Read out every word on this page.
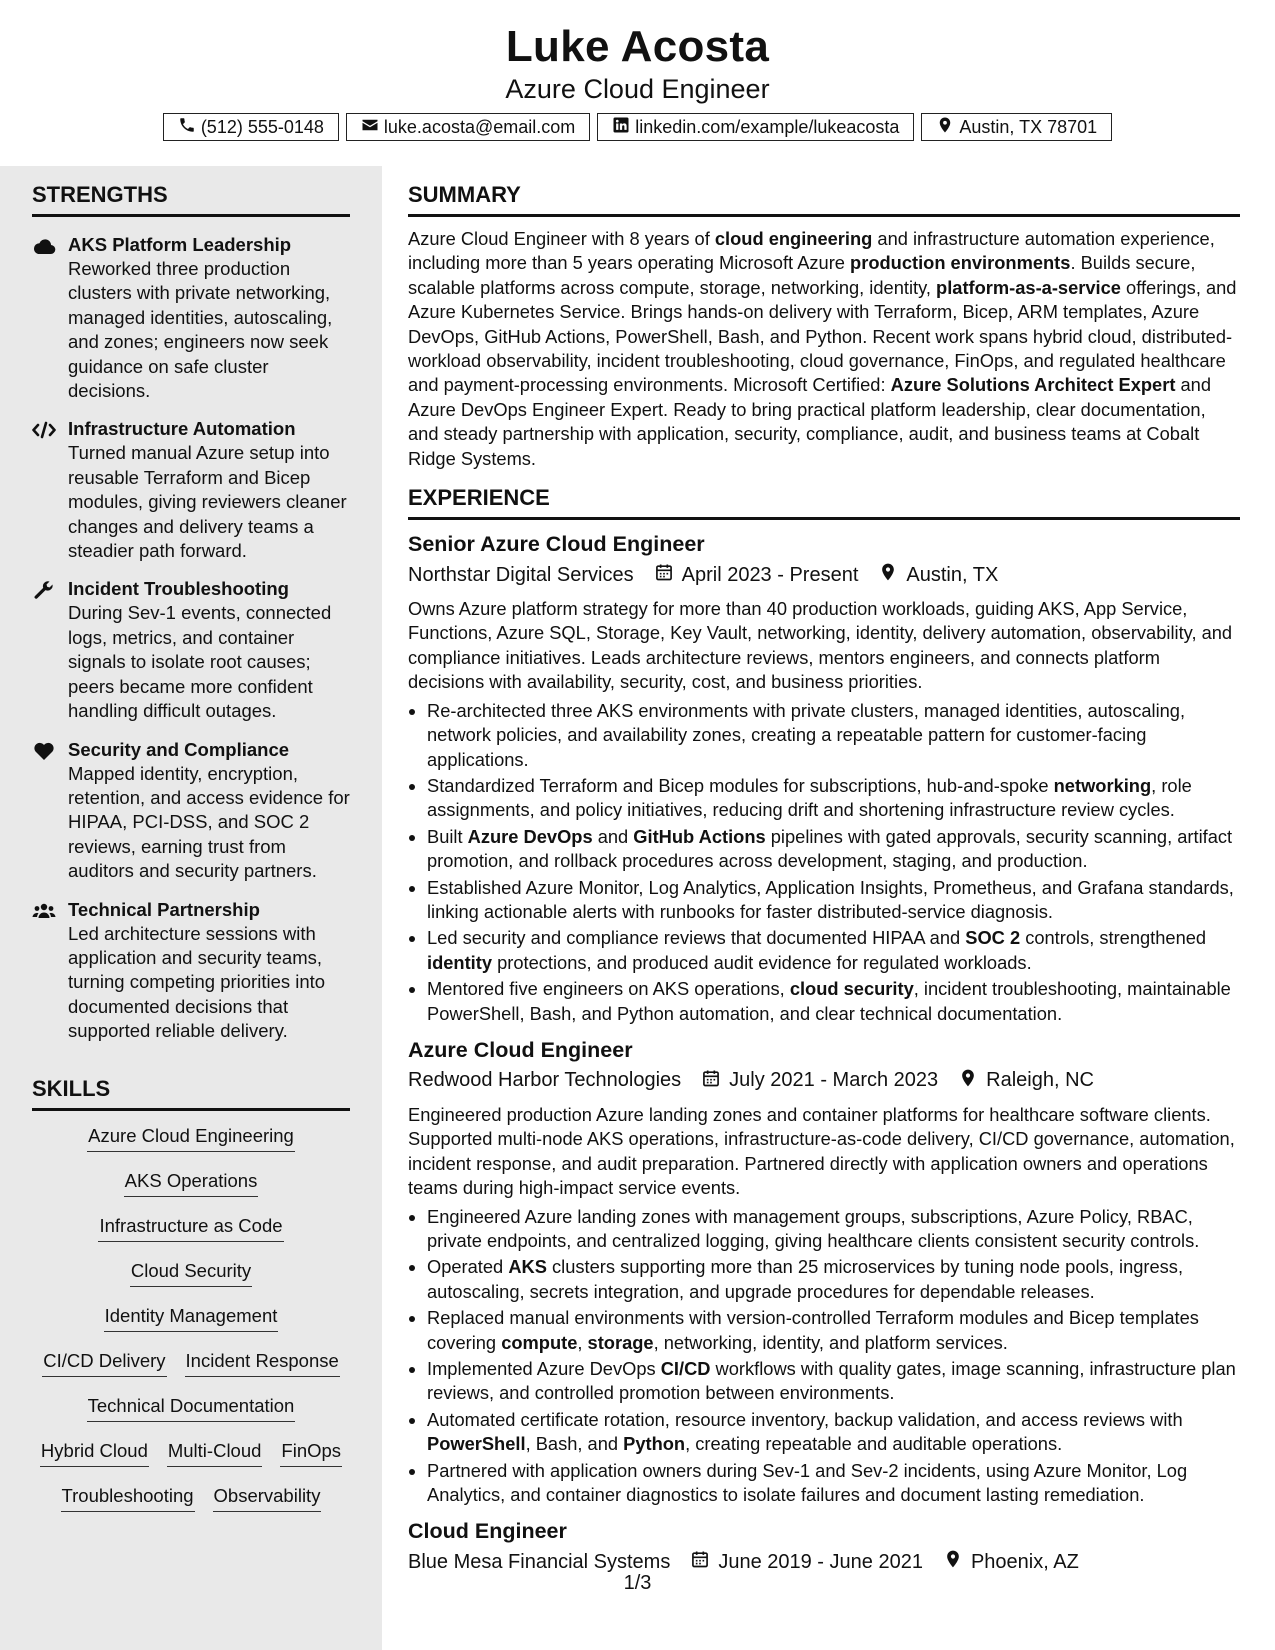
Luke Acosta
Azure Cloud Engineer
(512) 555-0148	luke.acosta@email.com	linkedin.com/example/lukeacosta	Austin, TX 78701
STRENGTHS
AKS Platform Leadership
Reworked three production clusters with private networking, managed identities, autoscaling, and zones; engineers now seek guidance on safe cluster decisions.
Infrastructure Automation
Turned manual Azure setup into reusable Terraform and Bicep modules, giving reviewers cleaner changes and delivery teams a steadier path forward.
Incident Troubleshooting
During Sev-1 events, connected logs, metrics, and container signals to isolate root causes; peers became more confident handling difficult outages.
Security and Compliance
Mapped identity, encryption, retention, and access evidence for HIPAA, PCI-DSS, and SOC 2 reviews, earning trust from auditors and security partners.
Technical Partnership
Led architecture sessions with application and security teams, turning competing priorities into documented decisions that supported reliable delivery.
SKILLS
Azure Cloud Engineering
AKS Operations
Infrastructure as Code
Cloud Security
Identity Management
CI/CD Delivery Incident Response
Technical Documentation
Hybrid Cloud Multi-Cloud FinOps
Troubleshooting Observability
SUMMARY

Azure Cloud Engineer with 8 years of cloud engineering and infrastructure automation experience, including more than 5 years operating Microsoft Azure production environments. Builds secure, scalable platforms across compute, storage, networking, identity, platform-as-a-service offerings, and Azure Kubernetes Service. Brings hands-on delivery with Terraform, Bicep, ARM templates, Azure DevOps, GitHub Actions, PowerShell, Bash, and Python. Recent work spans hybrid cloud, distributed-workload observability, incident troubleshooting, cloud governance, FinOps, and regulated healthcare and payment-processing environments. Microsoft Certified: Azure Solutions Architect Expert and Azure DevOps Engineer Expert. Ready to bring practical platform leadership, clear documentation, and steady partnership with application, security, compliance, audit, and business teams at Cobalt Ridge Systems.

EXPERIENCE
Senior Azure Cloud Engineer
Northstar Digital Services April 2023 - Present Austin, TX
Owns Azure platform strategy for more than 40 production workloads, guiding AKS, App Service, Functions, Azure SQL, Storage, Key Vault, networking, identity, delivery automation, observability, and compliance initiatives. Leads architecture reviews, mentors engineers, and connects platform decisions with availability, security, cost, and business priorities.
• Re-architected three AKS environments with private clusters, managed identities, autoscaling, network policies, and availability zones, creating a repeatable pattern for customer-facing applications.
• Standardized Terraform and Bicep modules for subscriptions, hub-and-spoke networking, role assignments, and policy initiatives, reducing drift and shortening infrastructure review cycles.
• Built Azure DevOps and GitHub Actions pipelines with gated approvals, security scanning, artifact promotion, and rollback procedures across development, staging, and production.
• Established Azure Monitor, Log Analytics, Application Insights, Prometheus, and Grafana standards, linking actionable alerts with runbooks for faster distributed-service diagnosis.
• Led security and compliance reviews that documented HIPAA and SOC 2 controls, strengthened identity protections, and produced audit evidence for regulated workloads.
• Mentored five engineers on AKS operations, cloud security, incident troubleshooting, maintainable PowerShell, Bash, and Python automation, and clear technical documentation.
Azure Cloud Engineer
Redwood Harbor Technologies July 2021 - March 2023 Raleigh, NC
Engineered production Azure landing zones and container platforms for healthcare software clients. Supported multi-node AKS operations, infrastructure-as-code delivery, CI/CD governance, automation, incident response, and audit preparation. Partnered directly with application owners and operations teams during high-impact service events.
• Engineered Azure landing zones with management groups, subscriptions, Azure Policy, RBAC, private endpoints, and centralized logging, giving healthcare clients consistent security controls.
• Operated AKS clusters supporting more than 25 microservices by tuning node pools, ingress, autoscaling, secrets integration, and upgrade procedures for dependable releases.
• Replaced manual environments with version-controlled Terraform modules and Bicep templates covering compute, storage, networking, identity, and platform services.
• Implemented Azure DevOps CI/CD workflows with quality gates, image scanning, infrastructure plan reviews, and controlled promotion between environments.
• Automated certificate rotation, resource inventory, backup validation, and access reviews with PowerShell, Bash, and Python, creating repeatable and auditable operations.
• Partnered with application owners during Sev-1 and Sev-2 incidents, using Azure Monitor, Log Analytics, and container diagnostics to isolate failures and document lasting remediation.
Cloud Engineer
Blue Mesa Financial Systems June 2019 - June 2021 Phoenix, AZ
1/3
